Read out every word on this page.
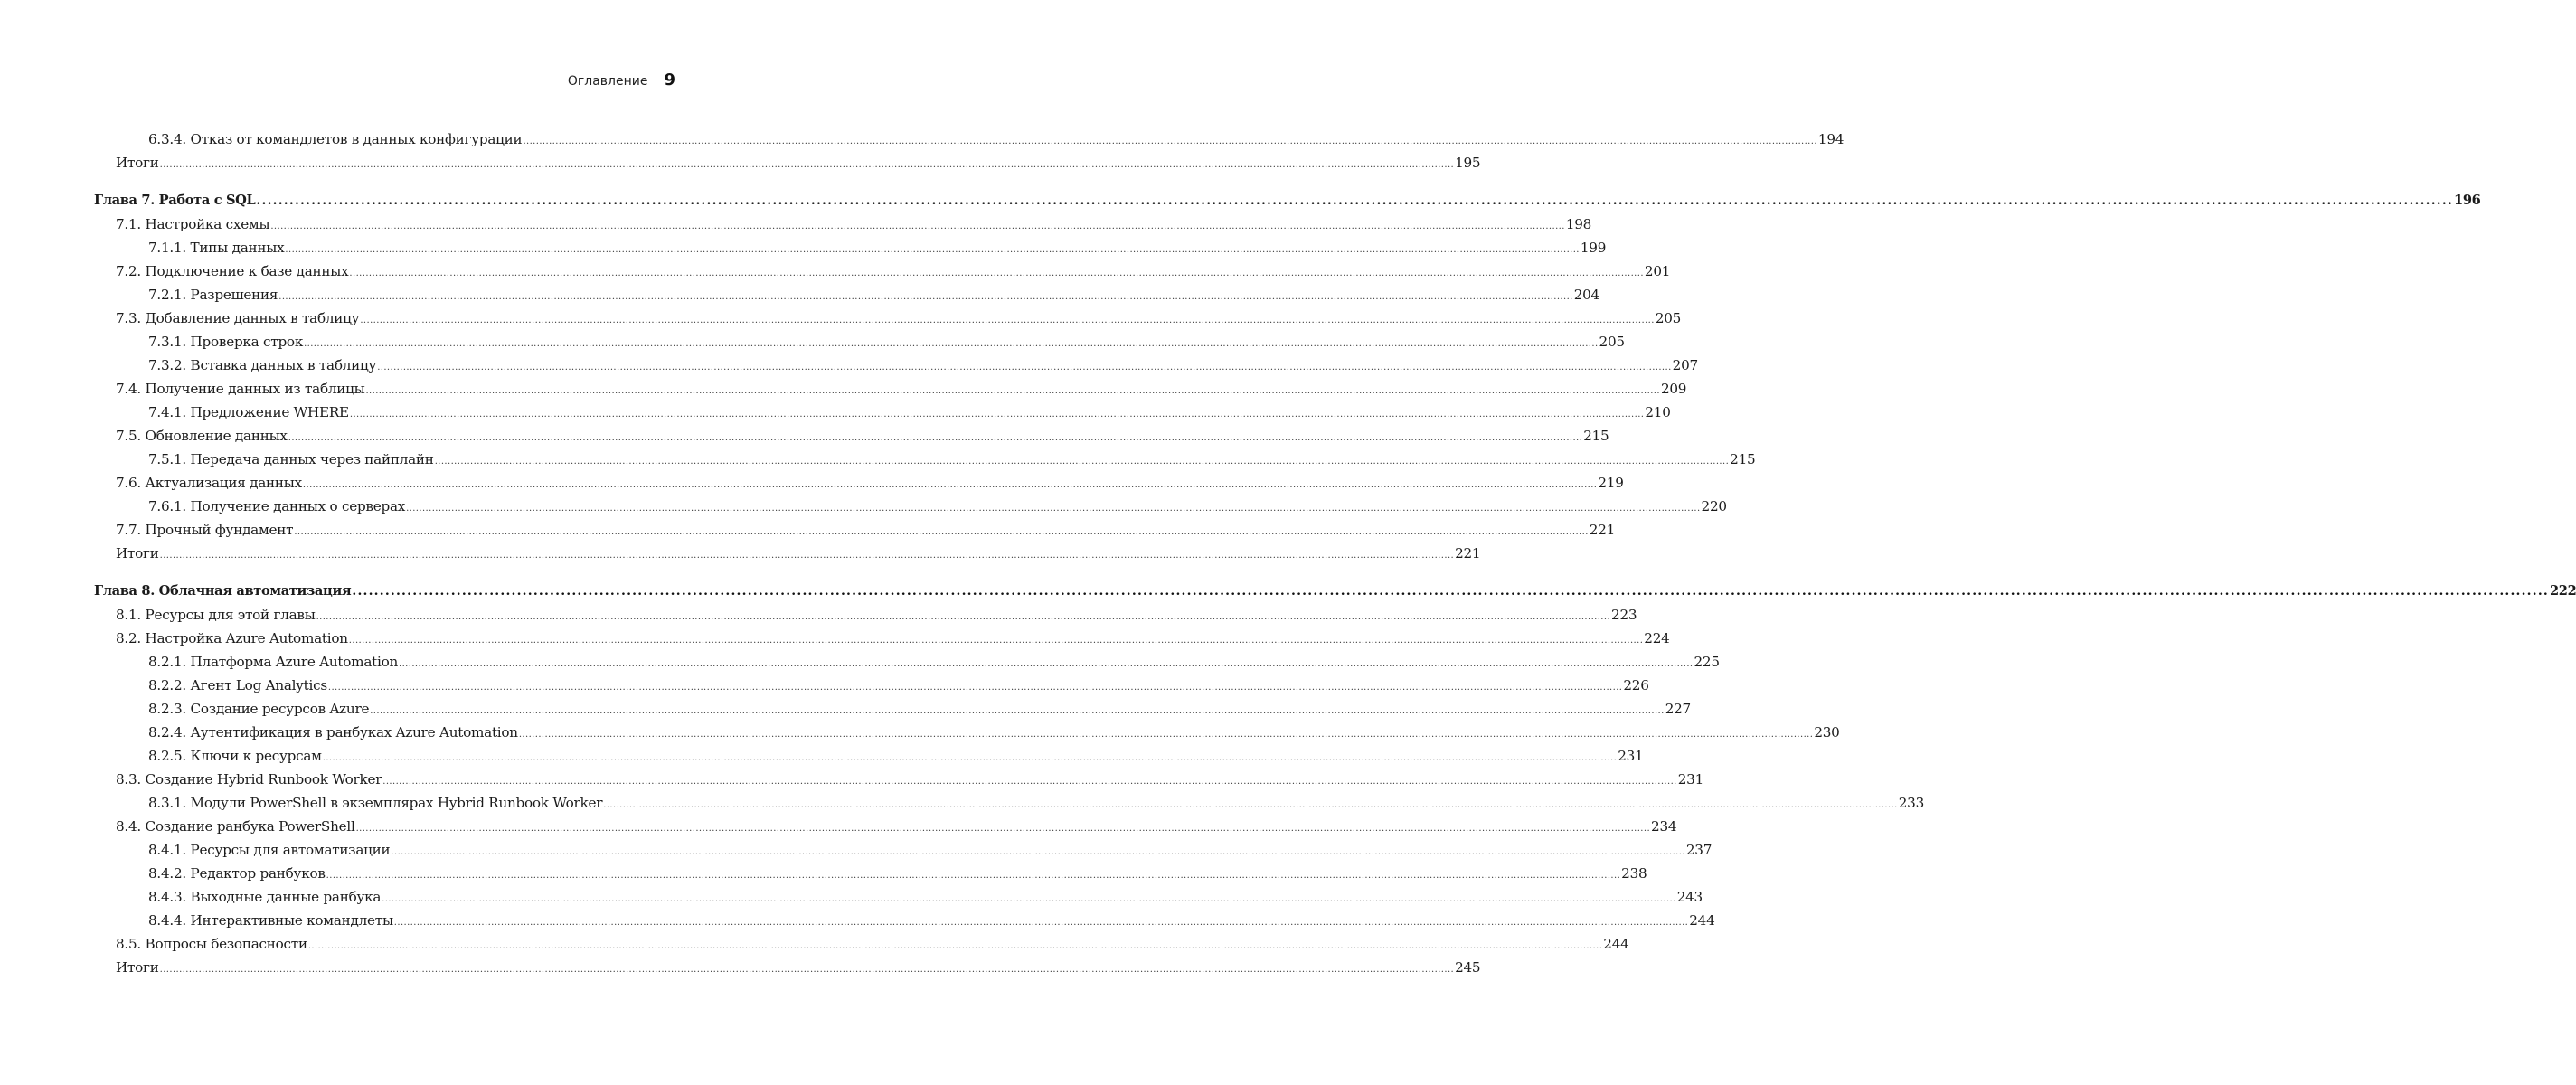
Оглавление 9
6.3.4. Отказ от командлетов в данных конфигурации ................................................................................................................................................................................................................................................................................................................................................................................................................ 194
Итоги ................................................................................................................................................................................................................................................................................................................................................................................................................ 195
Глава 7. Работа с SQL ................................................................................................................................................................................................................................................................................................................................................................................................................ 196
7.1. Настройка схемы ................................................................................................................................................................................................................................................................................................................................................................................................................ 198
7.1.1. Типы данных ................................................................................................................................................................................................................................................................................................................................................................................................................ 199
7.2. Подключение к базе данных ................................................................................................................................................................................................................................................................................................................................................................................................................ 201
7.2.1. Разрешения ................................................................................................................................................................................................................................................................................................................................................................................................................ 204
7.3. Добавление данных в таблицу ................................................................................................................................................................................................................................................................................................................................................................................................................ 205
7.3.1. Проверка строк ................................................................................................................................................................................................................................................................................................................................................................................................................ 205
7.3.2. Вставка данных в таблицу ................................................................................................................................................................................................................................................................................................................................................................................................................ 207
7.4. Получение данных из таблицы ................................................................................................................................................................................................................................................................................................................................................................................................................ 209
7.4.1. Предложение WHERE ................................................................................................................................................................................................................................................................................................................................................................................................................ 210
7.5. Обновление данных ................................................................................................................................................................................................................................................................................................................................................................................................................ 215
7.5.1. Передача данных через пайплайн ................................................................................................................................................................................................................................................................................................................................................................................................................ 215
7.6. Актуализация данных ................................................................................................................................................................................................................................................................................................................................................................................................................ 219
7.6.1. Получение данных о серверах ................................................................................................................................................................................................................................................................................................................................................................................................................ 220
7.7. Прочный фундамент ................................................................................................................................................................................................................................................................................................................................................................................................................ 221
Итоги ................................................................................................................................................................................................................................................................................................................................................................................................................ 221
Глава 8. Облачная автоматизация ................................................................................................................................................................................................................................................................................................................................................................................................................ 222
8.1. Ресурсы для этой главы ................................................................................................................................................................................................................................................................................................................................................................................................................ 223
8.2. Настройка Azure Automation ................................................................................................................................................................................................................................................................................................................................................................................................................ 224
8.2.1. Платформа Azure Automation ................................................................................................................................................................................................................................................................................................................................................................................................................ 225
8.2.2. Агент Log Analytics ................................................................................................................................................................................................................................................................................................................................................................................................................ 226
8.2.3. Создание ресурсов Azure ................................................................................................................................................................................................................................................................................................................................................................................................................ 227
8.2.4. Аутентификация в ранбуках Azure Automation ................................................................................................................................................................................................................................................................................................................................................................................................................ 230
8.2.5. Ключи к ресурсам ................................................................................................................................................................................................................................................................................................................................................................................................................ 231
8.3. Создание Hybrid Runbook Worker ................................................................................................................................................................................................................................................................................................................................................................................................................ 231
8.3.1. Модули PowerShell в экземплярах Hybrid Runbook Worker ................................................................................................................................................................................................................................................................................................................................................................................................................ 233
8.4. Создание ранбука PowerShell ................................................................................................................................................................................................................................................................................................................................................................................................................ 234
8.4.1. Ресурсы для автоматизации ................................................................................................................................................................................................................................................................................................................................................................................................................ 237
8.4.2. Редактор ранбуков ................................................................................................................................................................................................................................................................................................................................................................................................................ 238
8.4.3. Выходные данные ранбука ................................................................................................................................................................................................................................................................................................................................................................................................................ 243
8.4.4. Интерактивные командлеты ................................................................................................................................................................................................................................................................................................................................................................................................................ 244
8.5. Вопросы безопасности ................................................................................................................................................................................................................................................................................................................................................................................................................ 244
Итоги ................................................................................................................................................................................................................................................................................................................................................................................................................ 245
